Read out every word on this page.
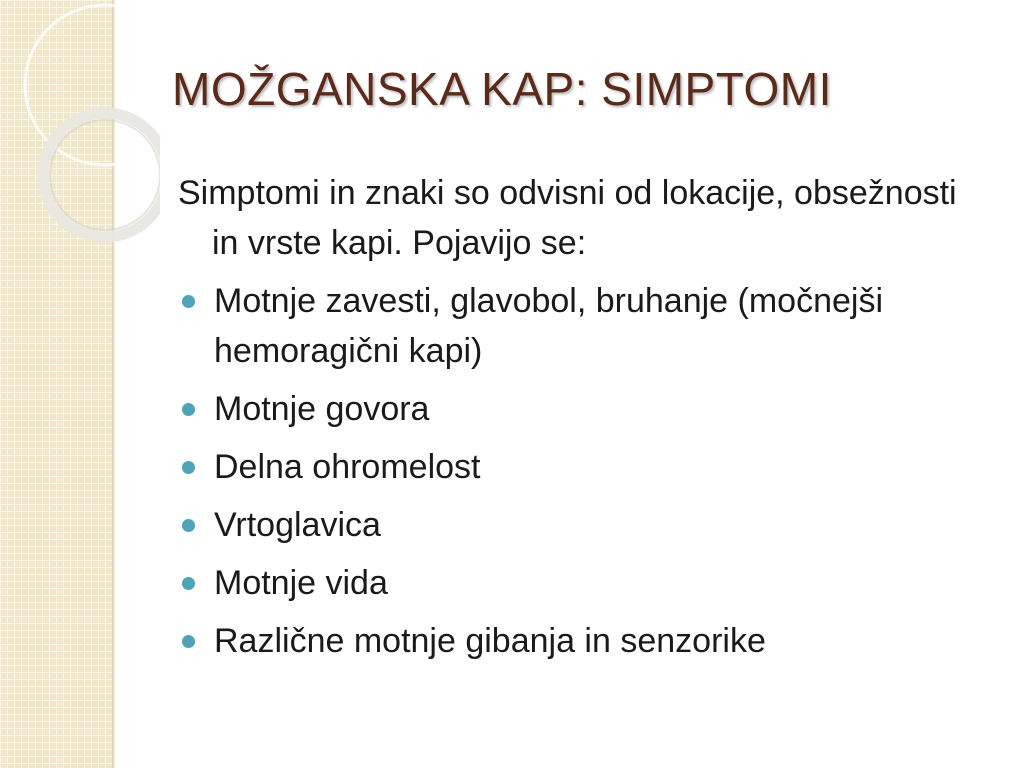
MOŽGANSKA KAP: SIMPTOMI

Simptomi in znaki so odvisni od lokacije, obsežnosti in vrste kapi. Pojavijo se:

Motnje zavesti, glavobol, bruhanje (močnejši hemoragični kapi)
Motnje govora
Delna ohromelost
Vrtoglavica
Motnje vida
Različne motnje gibanja in senzorike
